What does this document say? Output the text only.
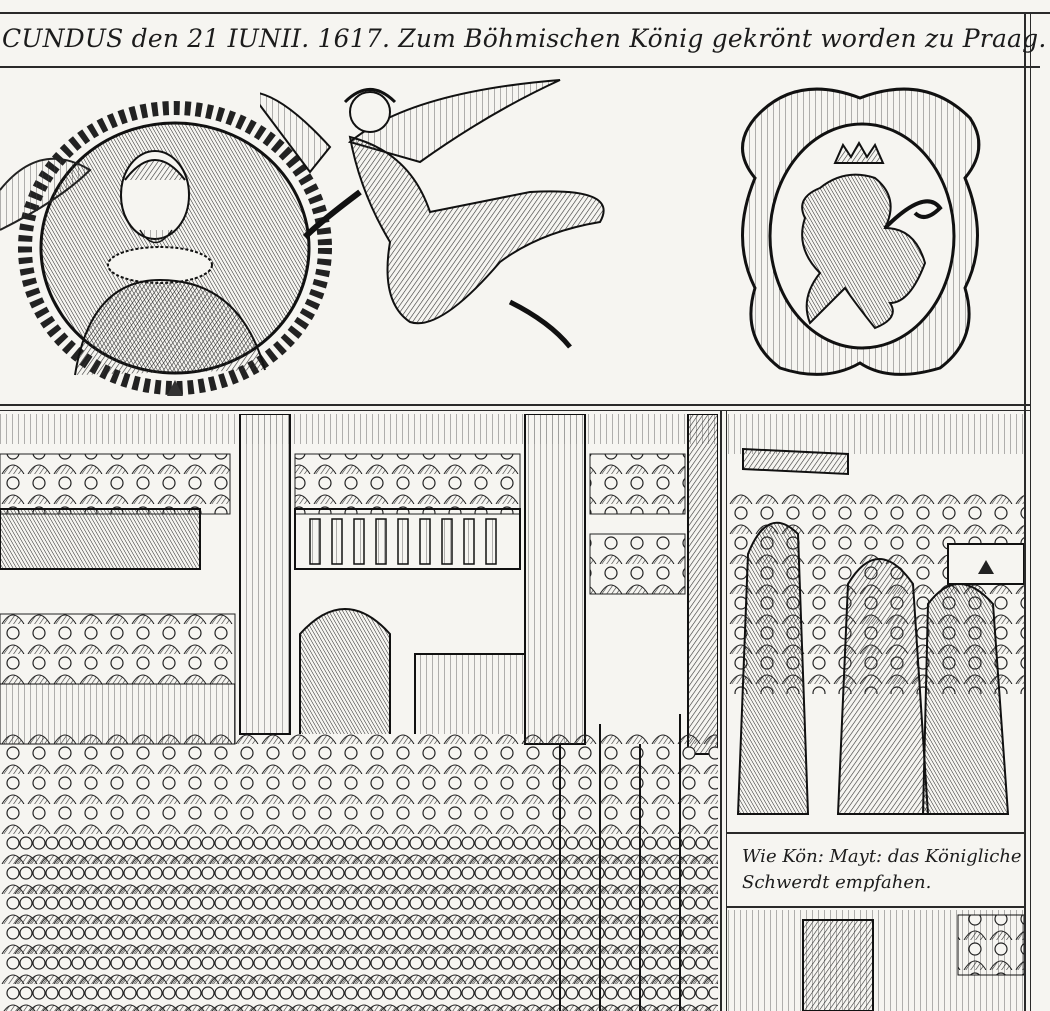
CUNDUS den 21 IUNII. 1617. Zum Böhmischen König gekrönt worden zu Praag.
Wie Kön: Mayt: das Königliche
Schwerdt empfahen.
